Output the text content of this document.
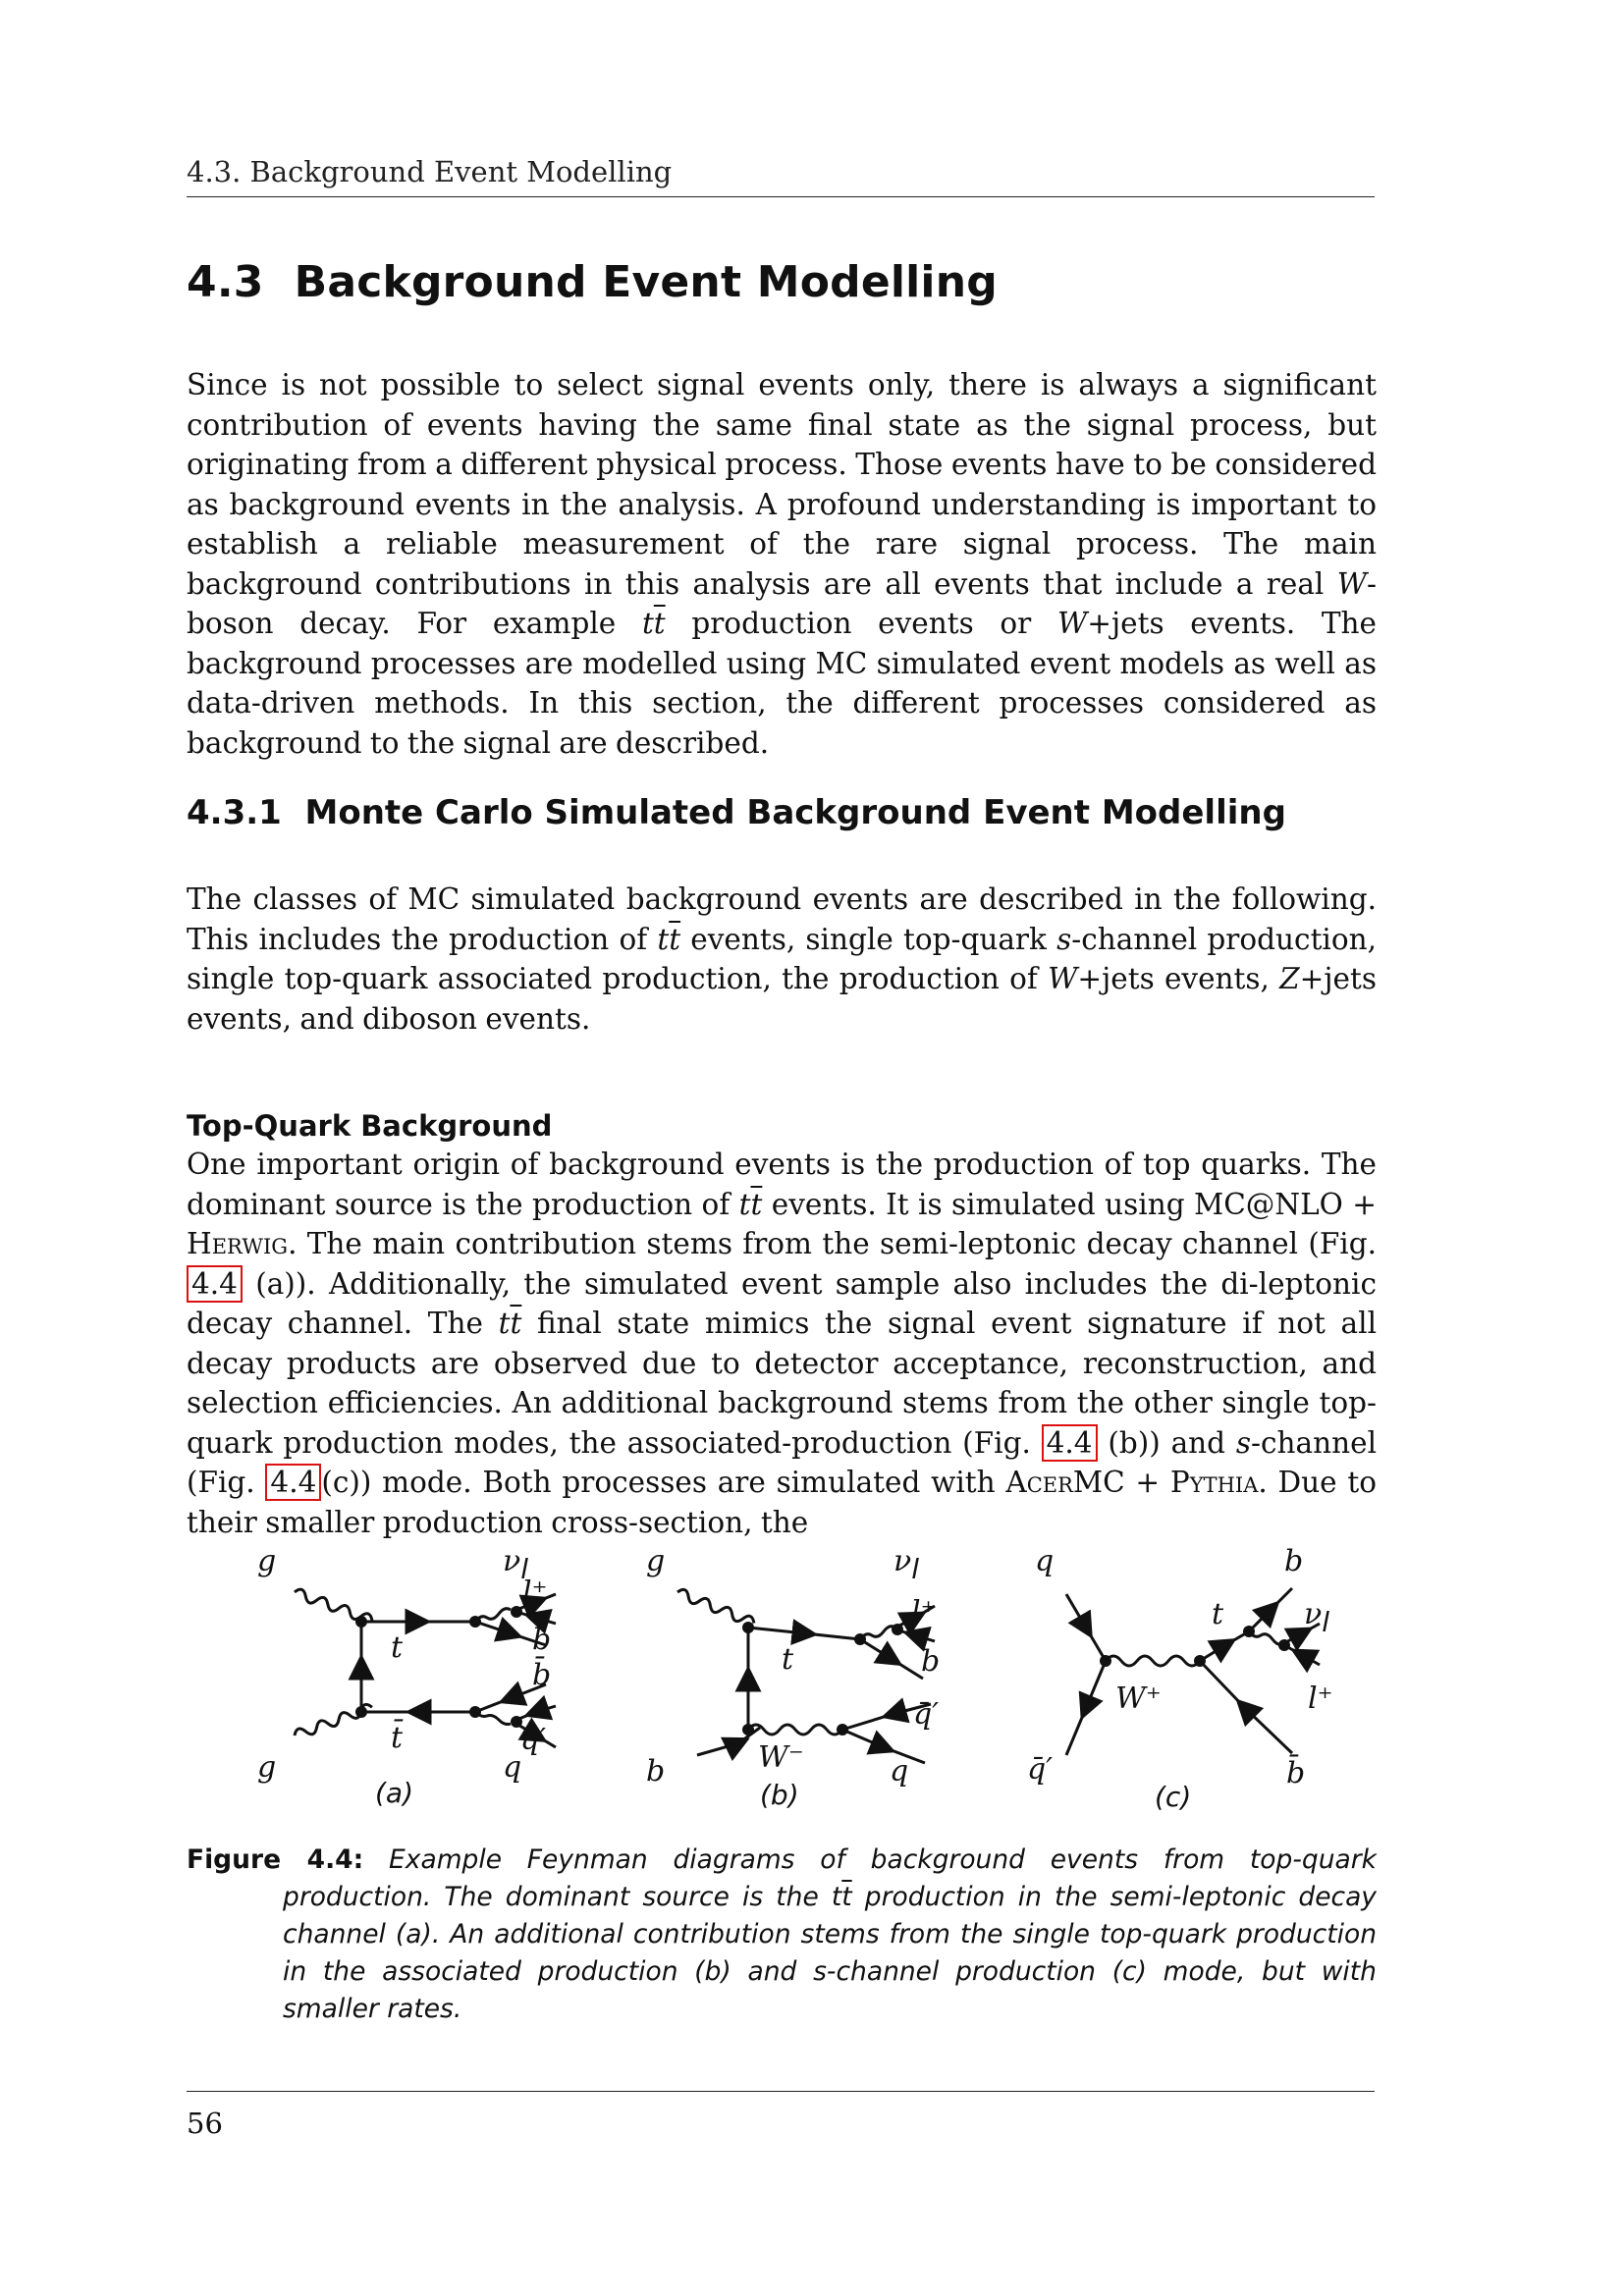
4.3. Background Event Modelling
4.3 Background Event Modelling

Since is not possible to select signal events only, there is always a significant contribution of events having the same final state as the signal process, but originating from a different physical process. Those events have to be considered as background events in the analysis. A profound understanding is important to establish a reliable measurement of the rare signal process. The main background contributions in this analysis are all events that include a real W-boson decay. For example $t\overline{t}$ production events or W+jets events. The background processes are modelled using MC simulated event models as well as data-driven methods. In this section, the different processes considered as background to the signal are described.

4.3.1 Monte Carlo Simulated Background Event Modelling

The classes of MC simulated background events are described in the following. This includes the production of $t\overline{t}$ events, single top-quark s-channel production, single top-quark associated production, the production of W+jets events, Z+jets events, and diboson events.

Top-Quark Background

One important origin of background events is the production of top quarks. The dominant source is the production of $t\overline{t}$ events. It is simulated using MC@NLO + Herwig. The main contribution stems from the semi-leptonic decay channel (Fig. 4.4 (a)). Additionally, the simulated event sample also includes the di-leptonic decay channel. The $t\overline{t}$ final state mimics the signal event signature if not all decay products are observed due to detector acceptance, reconstruction, and selection efficiencies. An additional background stems from the other single top-quark production modes, the associated-production (Fig. 4.4 (b)) and s-channel (Fig. 4.4 (c)) mode. Both processes are simulated with AcerMC + Pythia. Due to their smaller production cross-section, the

g
g
νl
l⁺
b
b̄
t
t̄	q̄′
q
(a)
g	νl
l⁺
b
t
q̄′
b	W⁻	q
(b)
q	b
t	νl
W⁺	l⁺
q̄′	b̄
(c)
Figure 4.4: Example Feynman diagrams of background events from top-quark production. The dominant source is the $t\overline{t}$ production in the semi-leptonic decay channel (a). An additional contribution stems from the single top-quark production in the associated production (b) and s-channel production (c) mode, but with smaller rates.
56
